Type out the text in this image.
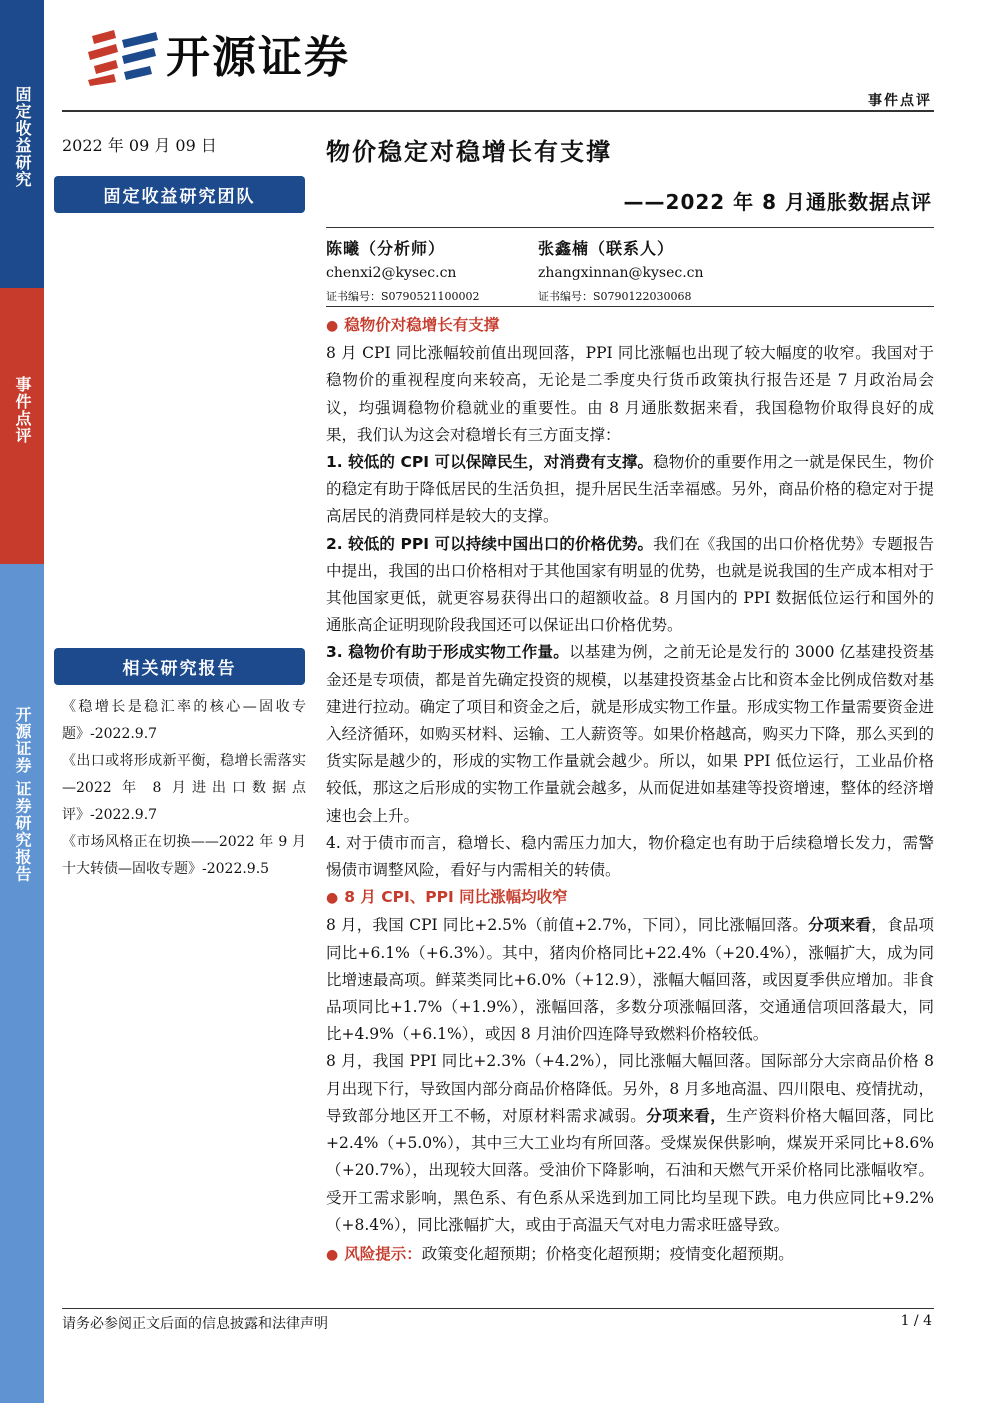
固定收益研究
事件点评
开源证券 证券研究报告
开源证券
事件点评
2022 年 09 月 09 日
固定收益研究团队
相关研究报告
《稳增长是稳汇率的核心—固收专题》-2022.9.7
《出口或将形成新平衡，稳增长需落实—2022 年 8 月进出口数据点评》-2022.9.7
《市场风格正在切换——2022 年 9 月十大转债—固收专题》-2022.9.5
物价稳定对稳增长有支撑
——2022 年 8 月通胀数据点评
陈曦（分析师）
chenxi2@kysec.cn
证书编号：S0790521100002
张鑫楠（联系人）
zhangxinnan@kysec.cn
证书编号：S0790122030068

● 稳物价对稳增长有支撑

8 月 CPI 同比涨幅较前值出现回落，PPI 同比涨幅也出现了较大幅度的收窄。我国对于稳物价的重视程度向来较高，无论是二季度央行货币政策执行报告还是 7 月政治局会议，均强调稳物价稳就业的重要性。由 8 月通胀数据来看，我国稳物价取得良好的成果，我们认为这会对稳增长有三方面支撑：

1. 较低的 CPI 可以保障民生，对消费有支撑。稳物价的重要作用之一就是保民生，物价的稳定有助于降低居民的生活负担，提升居民生活幸福感。另外，商品价格的稳定对于提高居民的消费同样是较大的支撑。

2. 较低的 PPI 可以持续中国出口的价格优势。我们在《我国的出口价格优势》专题报告中提出，我国的出口价格相对于其他国家有明显的优势，也就是说我国的生产成本相对于其他国家更低，就更容易获得出口的超额收益。8 月国内的 PPI 数据低位运行和国外的通胀高企证明现阶段我国还可以保证出口价格优势。

3. 稳物价有助于形成实物工作量。以基建为例，之前无论是发行的 3000 亿基建投资基金还是专项债，都是首先确定投资的规模，以基建投资基金占比和资本金比例成倍数对基建进行拉动。确定了项目和资金之后，就是形成实物工作量。形成实物工作量需要资金进入经济循环，如购买材料、运输、工人薪资等。如果价格越高，购买力下降，那么买到的货实际是越少的，形成的实物工作量就会越少。所以，如果 PPI 低位运行，工业品价格较低，那这之后形成的实物工作量就会越多，从而促进如基建等投资增速，整体的经济增速也会上升。

4. 对于债市而言，稳增长、稳内需压力加大，物价稳定也有助于后续稳增长发力，需警惕债市调整风险，看好与内需相关的转债。

● 8 月 CPI、PPI 同比涨幅均收窄

8 月，我国 CPI 同比+2.5%（前值+2.7%，下同），同比涨幅回落。分项来看，食品项同比+6.1%（+6.3%）。其中，猪肉价格同比+22.4%（+20.4%），涨幅扩大，成为同比增速最高项。鲜菜类同比+6.0%（+12.9），涨幅大幅回落，或因夏季供应增加。非食品项同比+1.7%（+1.9%），涨幅回落，多数分项涨幅回落，交通通信项回落最大，同比+4.9%（+6.1%），或因 8 月油价四连降导致燃料价格较低。

8 月，我国 PPI 同比+2.3%（+4.2%），同比涨幅大幅回落。国际部分大宗商品价格 8 月出现下行，导致国内部分商品价格降低。另外，8 月多地高温、四川限电、疫情扰动，导致部分地区开工不畅，对原材料需求减弱。分项来看，生产资料价格大幅回落，同比+2.4%（+5.0%），其中三大工业均有所回落。受煤炭保供影响，煤炭开采同比+8.6%（+20.7%），出现较大回落。受油价下降影响，石油和天燃气开采价格同比涨幅收窄。受开工需求影响，黑色系、有色系从采选到加工同比均呈现下跌。电力供应同比+9.2%（+8.4%），同比涨幅扩大，或由于高温天气对电力需求旺盛导致。

● 风险提示：政策变化超预期；价格变化超预期；疫情变化超预期。

请务必参阅正文后面的信息披露和法律声明	1 / 4
